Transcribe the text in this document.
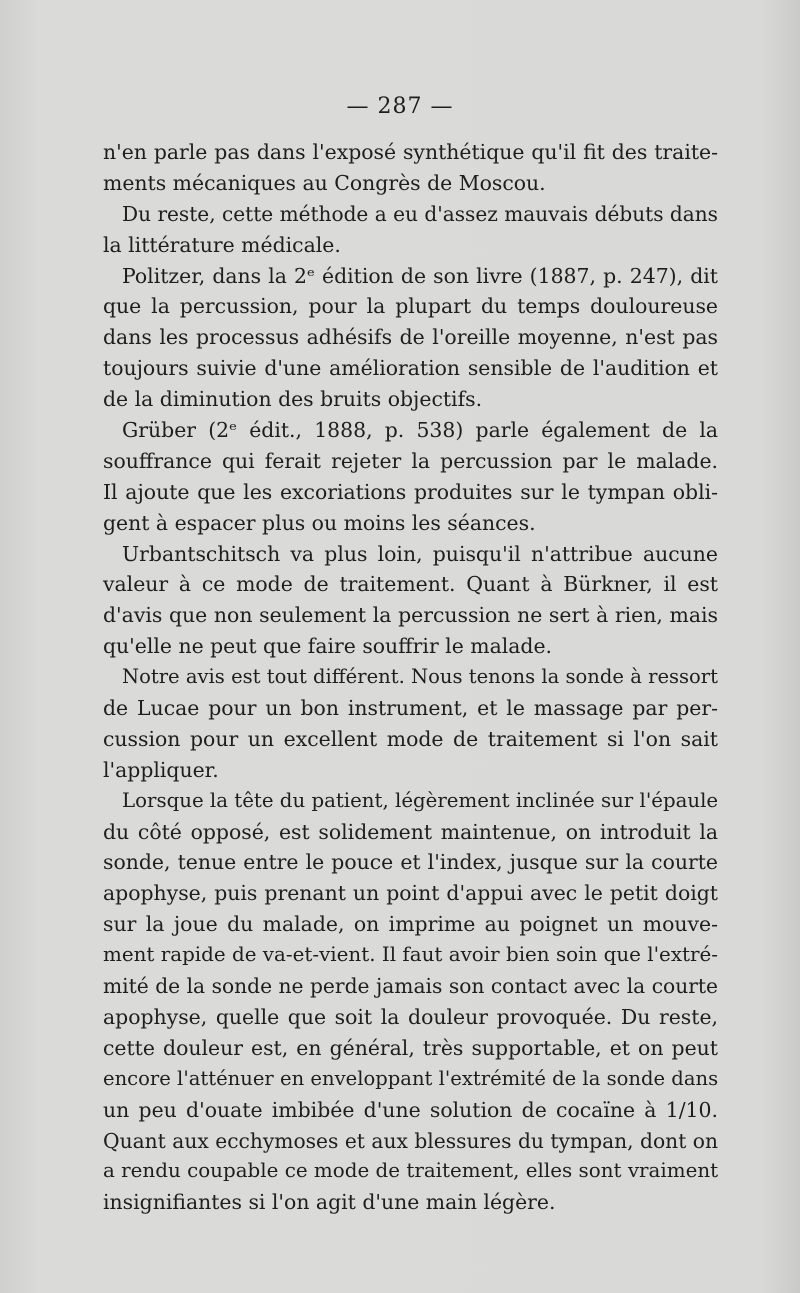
— 287 —
n'en parle pas dans l'exposé synthétique qu'il fit des traite-
ments mécaniques au Congrès de Moscou.
Du reste, cette méthode a eu d'assez mauvais débuts dans
la littérature médicale.
Politzer, dans la 2ᵉ édition de son livre (1887, p. 247), dit
que la percussion, pour la plupart du temps douloureuse
dans les processus adhésifs de l'oreille moyenne, n'est pas
toujours suivie d'une amélioration sensible de l'audition et
de la diminution des bruits objectifs.
Grüber (2ᵉ édit., 1888, p. 538) parle également de la
souffrance qui ferait rejeter la percussion par le malade.
Il ajoute que les excoriations produites sur le tympan obli-
gent à espacer plus ou moins les séances.
Urbantschitsch va plus loin, puisqu'il n'attribue aucune
valeur à ce mode de traitement. Quant à Bürkner, il est
d'avis que non seulement la percussion ne sert à rien, mais
qu'elle ne peut que faire souffrir le malade.
Notre avis est tout différent. Nous tenons la sonde à ressort
de Lucae pour un bon instrument, et le massage par per-
cussion pour un excellent mode de traitement si l'on sait
l'appliquer.
Lorsque la tête du patient, légèrement inclinée sur l'épaule
du côté opposé, est solidement maintenue, on introduit la
sonde, tenue entre le pouce et l'index, jusque sur la courte
apophyse, puis prenant un point d'appui avec le petit doigt
sur la joue du malade, on imprime au poignet un mouve-
ment rapide de va-et-vient. Il faut avoir bien soin que l'extré-
mité de la sonde ne perde jamais son contact avec la courte
apophyse, quelle que soit la douleur provoquée. Du reste,
cette douleur est, en général, très supportable, et on peut
encore l'atténuer en enveloppant l'extrémité de la sonde dans
un peu d'ouate imbibée d'une solution de cocaïne à 1/10.
Quant aux ecchymoses et aux blessures du tympan, dont on
a rendu coupable ce mode de traitement, elles sont vraiment
insignifiantes si l'on agit d'une main légère.
